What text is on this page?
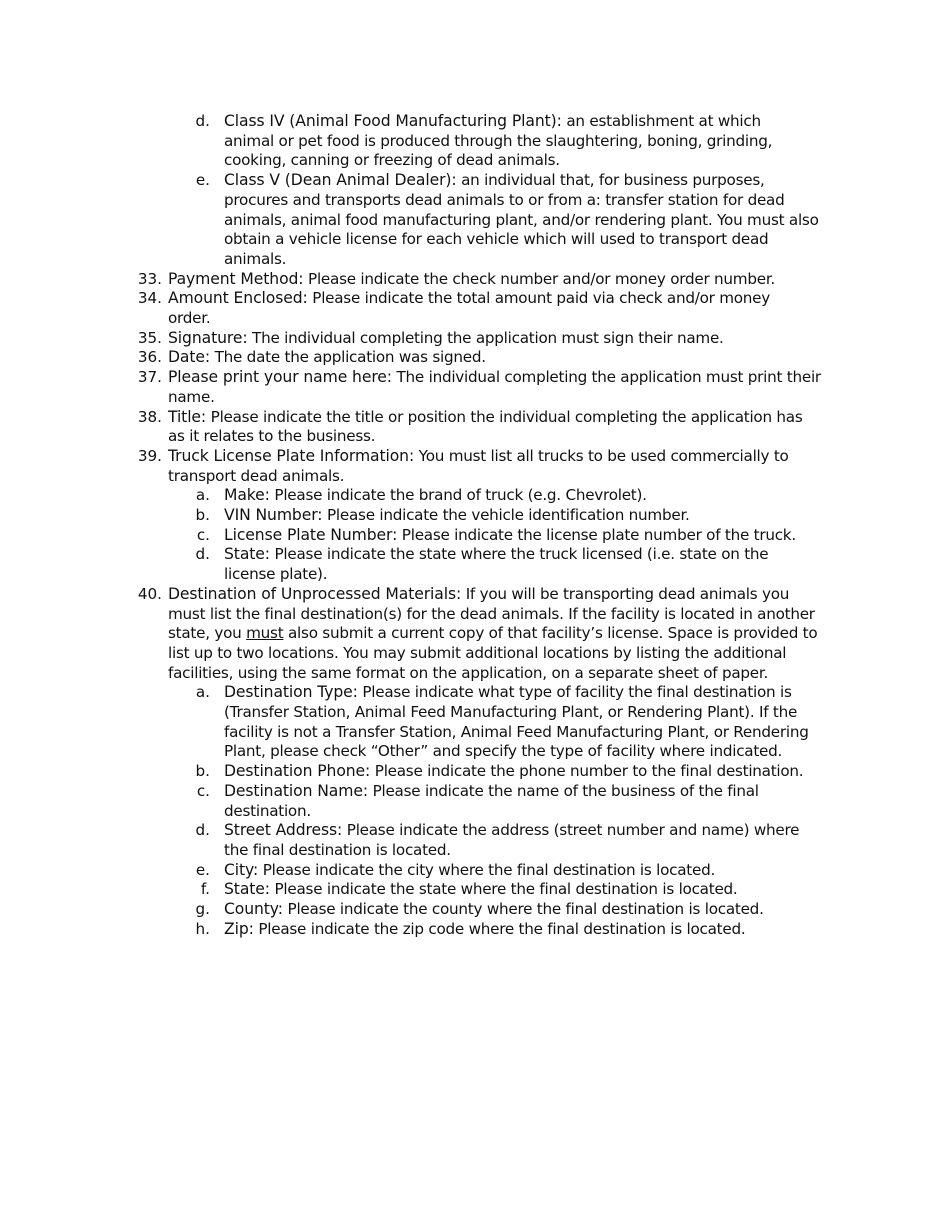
d. Class IV (Animal Food Manufacturing Plant): an establishment at which
animal or pet food is produced through the slaughtering, boning, grinding,
cooking, canning or freezing of dead animals.
e. Class V (Dean Animal Dealer): an individual that, for business purposes,
procures and transports dead animals to or from a: transfer station for dead
animals, animal food manufacturing plant, and/or rendering plant. You must also
obtain a vehicle license for each vehicle which will used to transport dead
animals.
33. Payment Method: Please indicate the check number and/or money order number.
34. Amount Enclosed: Please indicate the total amount paid via check and/or money
order.
35. Signature: The individual completing the application must sign their name.
36. Date: The date the application was signed.
37. Please print your name here: The individual completing the application must print their
name.
38. Title: Please indicate the title or position the individual completing the application has
as it relates to the business.
39. Truck License Plate Information: You must list all trucks to be used commercially to
transport dead animals.
a. Make: Please indicate the brand of truck (e.g. Chevrolet).
b. VIN Number: Please indicate the vehicle identification number.
c. License Plate Number: Please indicate the license plate number of the truck.
d. State: Please indicate the state where the truck licensed (i.e. state on the
license plate).
40. Destination of Unprocessed Materials: If you will be transporting dead animals you
must list the final destination(s) for the dead animals. If the facility is located in another
state, you must also submit a current copy of that facility’s license. Space is provided to
list up to two locations. You may submit additional locations by listing the additional
facilities, using the same format on the application, on a separate sheet of paper.
a. Destination Type: Please indicate what type of facility the final destination is
(Transfer Station, Animal Feed Manufacturing Plant, or Rendering Plant). If the
facility is not a Transfer Station, Animal Feed Manufacturing Plant, or Rendering
Plant, please check “Other” and specify the type of facility where indicated.
b. Destination Phone: Please indicate the phone number to the final destination.
c. Destination Name: Please indicate the name of the business of the final
destination.
d. Street Address: Please indicate the address (street number and name) where
the final destination is located.
e. City: Please indicate the city where the final destination is located.
f. State: Please indicate the state where the final destination is located.
g. County: Please indicate the county where the final destination is located.
h. Zip: Please indicate the zip code where the final destination is located.
